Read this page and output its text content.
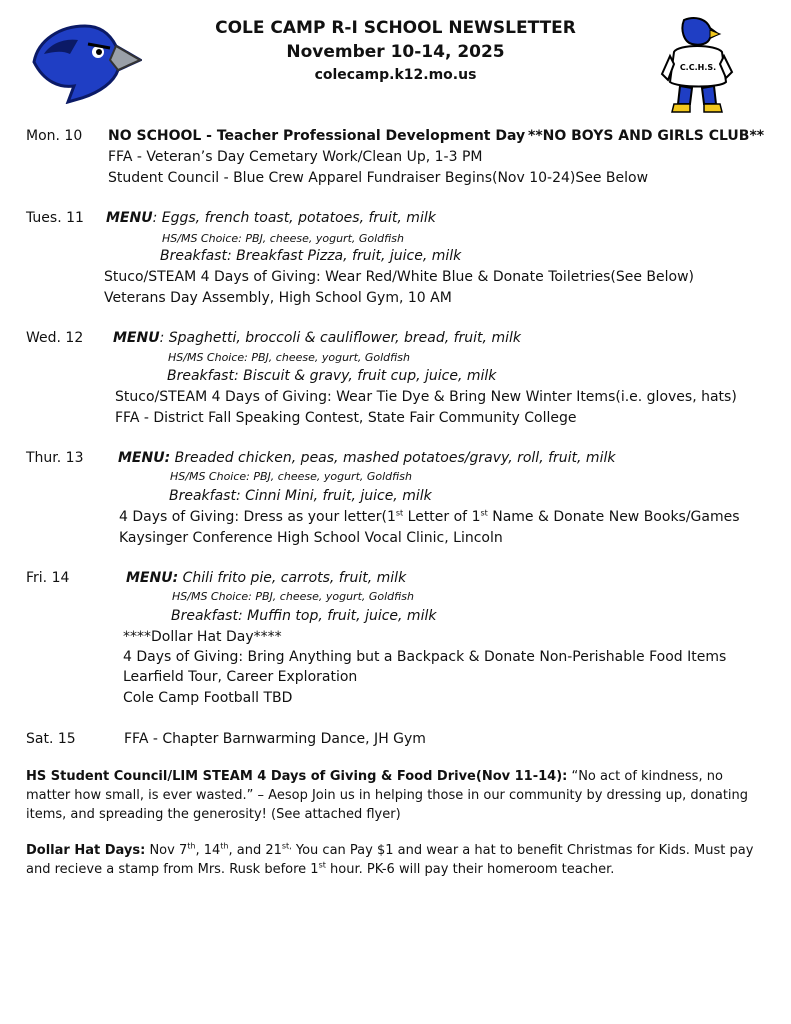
C.C.H.S.
COLE CAMP R-I SCHOOL NEWSLETTER
November 10-14, 2025
colecamp.k12.mo.us
Mon. 10 NO SCHOOL - Teacher Professional Development Day **NO BOYS AND GIRLS CLUB**
FFA - Veteran’s Day Cemetary Work/Clean Up, 1-3 PM
Student Council - Blue Crew Apparel Fundraiser Begins(Nov 10-24)See Below
Tues. 11 MENU: Eggs, french toast, potatoes, fruit, milk
HS/MS Choice: PBJ, cheese, yogurt, Goldfish
Breakfast: Breakfast Pizza, fruit, juice, milk
Stuco/STEAM 4 Days of Giving: Wear Red/White Blue & Donate Toiletries(See Below)
Veterans Day Assembly, High School Gym, 10 AM
Wed. 12 MENU: Spaghetti, broccoli & cauliflower, bread, fruit, milk
HS/MS Choice: PBJ, cheese, yogurt, Goldfish
Breakfast: Biscuit & gravy, fruit cup, juice, milk
Stuco/STEAM 4 Days of Giving: Wear Tie Dye & Bring New Winter Items(i.e. gloves, hats)
FFA - District Fall Speaking Contest, State Fair Community College
Thur. 13 MENU: Breaded chicken, peas, mashed potatoes/gravy, roll, fruit, milk
HS/MS Choice: PBJ, cheese, yogurt, Goldfish
Breakfast: Cinni Mini, fruit, juice, milk
4 Days of Giving: Dress as your letter(1st Letter of 1st Name & Donate New Books/Games
Kaysinger Conference High School Vocal Clinic, Lincoln
Fri. 14	MENU: Chili frito pie, carrots, fruit, milk
HS/MS Choice: PBJ, cheese, yogurt, Goldfish
Breakfast: Muffin top, fruit, juice, milk
****Dollar Hat Day****
4 Days of Giving: Bring Anything but a Backpack & Donate Non-Perishable Food Items
Learfield Tour, Career Exploration
Cole Camp Football TBD
Sat. 15	FFA - Chapter Barnwarming Dance, JH Gym
HS Student Council/LIM STEAM 4 Days of Giving & Food Drive(Nov 11-14): “No act of kindness, no matter how small, is ever wasted.” – Aesop Join us in helping those in our community by dressing up, donating items, and spreading the generosity! (See attached flyer)
Dollar Hat Days: Nov 7th, 14th, and $21^{st,}$ You can Pay $1 and wear a hat to benefit Christmas for Kids. Must pay and recieve a stamp from Mrs. Rusk before 1st hour. PK-6 will pay their homeroom teacher.
